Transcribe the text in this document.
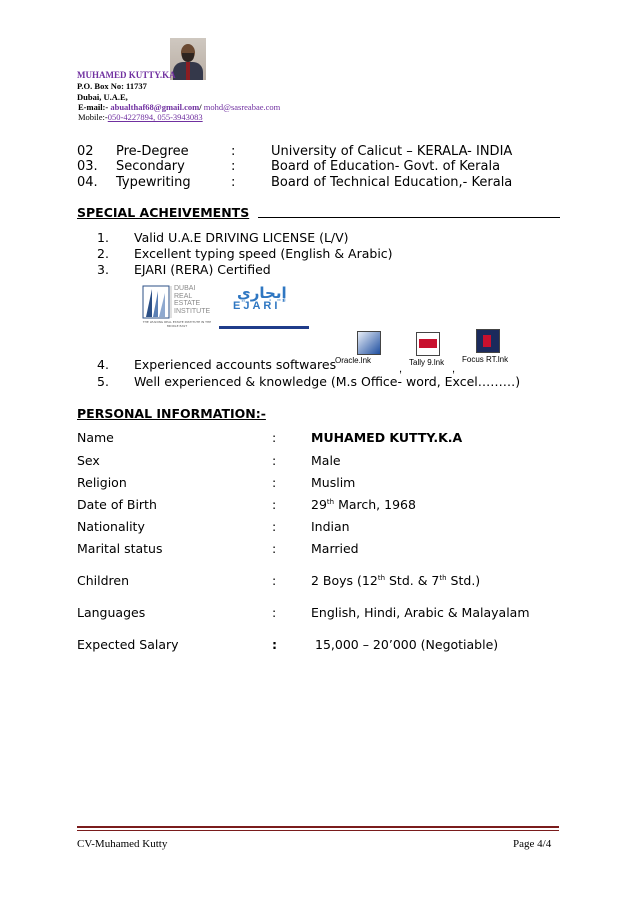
MUHAMED KUTTY.KA
P.O. Box No: 11737
Dubai, U.A.E,
E-mail:- abualthaf68@gmail.com/ mohd@sasreabae.com
Mobile:-050-4227894, 055-3943083
02 Pre-Degree	:	University of Calicut – KERALA- INDIA
03. Secondary	:	Board of Education- Govt. of Kerala
04. Typewriting	:	Board of Technical Education,- Kerala
SPECIAL ACHEIVEMENTS
1. Valid U.A.E DRIVING LICENSE (L/V)
2. Excellent typing speed (English & Arabic)
3. EJARI (RERA) Certified
DUBAI
REAL
ESTATE
INSTITUTE
THE LEADING REAL ESTATE INSTITUTE IN THE MIDDLE EAST
إيجاري
EJARI
4. Experienced accounts softwares
Oracle.lnk
,
Tally 9.lnk
,
Focus RT.lnk
5. Well experienced & knowledge (M.s Office- word, Excel………)
PERSONAL INFORMATION:-
Name	:	MUHAMED KUTTY.K.A
Sex	:	Male
Religion	:	Muslim
Date of Birth	:	29th March, 1968
Nationality	:	Indian
Marital status	:	Married
Children	:	2 Boys (12th Std. & 7th Std.)
Languages	:	English, Hindi, Arabic & Malayalam
Expected Salary	:	15,000 – 20’000 (Negotiable)
CV-Muhamed Kutty	Page 4/4
